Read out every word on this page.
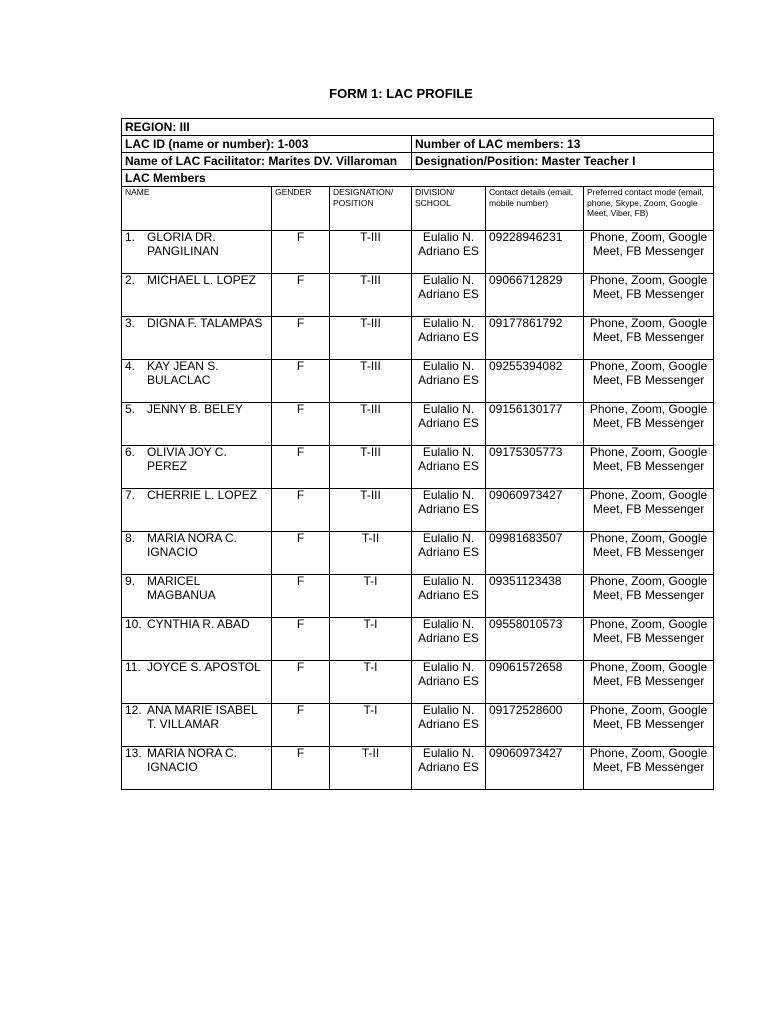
FORM 1: LAC PROFILE
REGION: III					
LAC ID (name or number): 1-003			Number of LAC members: 13		
Name of LAC Facilitator: Marites DV. Villaroman			Designation/Position: Master Teacher I		
LAC Members					
NAME	GENDER	DESIGNATION/ POSITION	DIVISION/ SCHOOL	Contact details (email, mobile number)	Preferred contact mode (email, phone, Skype, Zoom, Google Meet, Viber, FB)
1. GLORIA DR. PANGILINAN	F	T-III	Eulalio N. Adriano ES	09228946231	Phone, Zoom, Google Meet, FB Messenger
2. MICHAEL L. LOPEZ	F	T-III	Eulalio N. Adriano ES	09066712829	Phone, Zoom, Google Meet, FB Messenger
3. DIGNA F. TALAMPAS	F	T-III	Eulalio N. Adriano ES	09177861792	Phone, Zoom, Google Meet, FB Messenger
4. KAY JEAN S. BULACLAC	F	T-III	Eulalio N. Adriano ES	09255394082	Phone, Zoom, Google Meet, FB Messenger
5. JENNY B. BELEY	F	T-III	Eulalio N. Adriano ES	09156130177	Phone, Zoom, Google Meet, FB Messenger
6. OLIVIA JOY C. PEREZ	F	T-III	Eulalio N. Adriano ES	09175305773	Phone, Zoom, Google Meet, FB Messenger
7. CHERRIE L. LOPEZ	F	T-III	Eulalio N. Adriano ES	09060973427	Phone, Zoom, Google Meet, FB Messenger
8. MARIA NORA C. IGNACIO	F	T-II	Eulalio N. Adriano ES	09981683507	Phone, Zoom, Google Meet, FB Messenger
9. MARICEL MAGBANUA	F	T-I	Eulalio N. Adriano ES	09351123438	Phone, Zoom, Google Meet, FB Messenger
10. CYNTHIA R. ABAD	F	T-I	Eulalio N. Adriano ES	09558010573	Phone, Zoom, Google Meet, FB Messenger
11. JOYCE S. APOSTOL	F	T-I	Eulalio N. Adriano ES	09061572658	Phone, Zoom, Google Meet, FB Messenger
12. ANA MARIE ISABEL T. VILLAMAR	F	T-I	Eulalio N. Adriano ES	09172528600	Phone, Zoom, Google Meet, FB Messenger
13. MARIA NORA C. IGNACIO	F	T-II	Eulalio N. Adriano ES	09060973427	Phone, Zoom, Google Meet, FB Messenger
